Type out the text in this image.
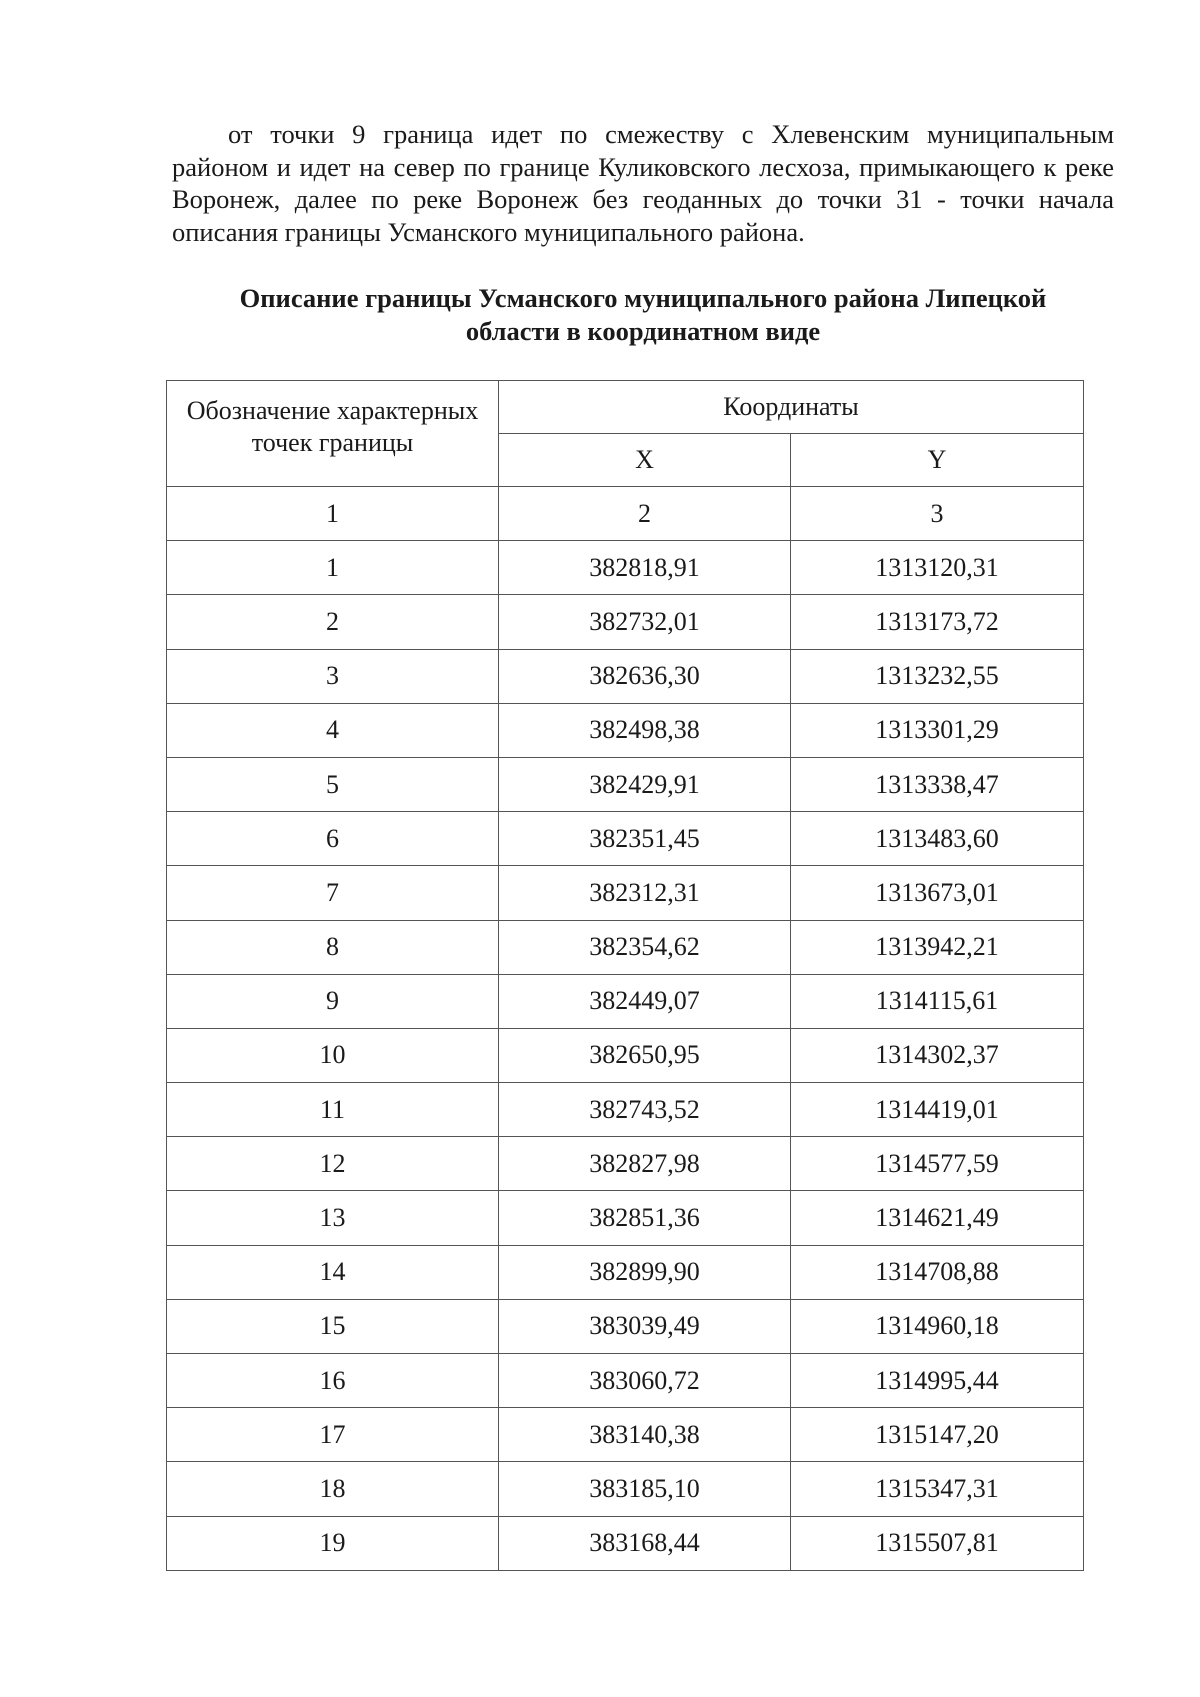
от точки 9 граница идет по смежеству с Хлевенским муниципальным районом и идет на север по границе Куликовского лесхоза, примыкающего к реке Воронеж, далее по реке Воронеж без геоданных до точки 31 - точки начала описания границы Усманского муниципального района.

Описание границы Усманского муниципального района Липецкой
области в координатном виде
Обозначение характерных точек границы	Координаты	
	X	Y
1	2	3
1	382818,91	1313120,31
2	382732,01	1313173,72
3	382636,30	1313232,55
4	382498,38	1313301,29
5	382429,91	1313338,47
6	382351,45	1313483,60
7	382312,31	1313673,01
8	382354,62	1313942,21
9	382449,07	1314115,61
10	382650,95	1314302,37
11	382743,52	1314419,01
12	382827,98	1314577,59
13	382851,36	1314621,49
14	382899,90	1314708,88
15	383039,49	1314960,18
16	383060,72	1314995,44
17	383140,38	1315147,20
18	383185,10	1315347,31
19	383168,44	1315507,81
